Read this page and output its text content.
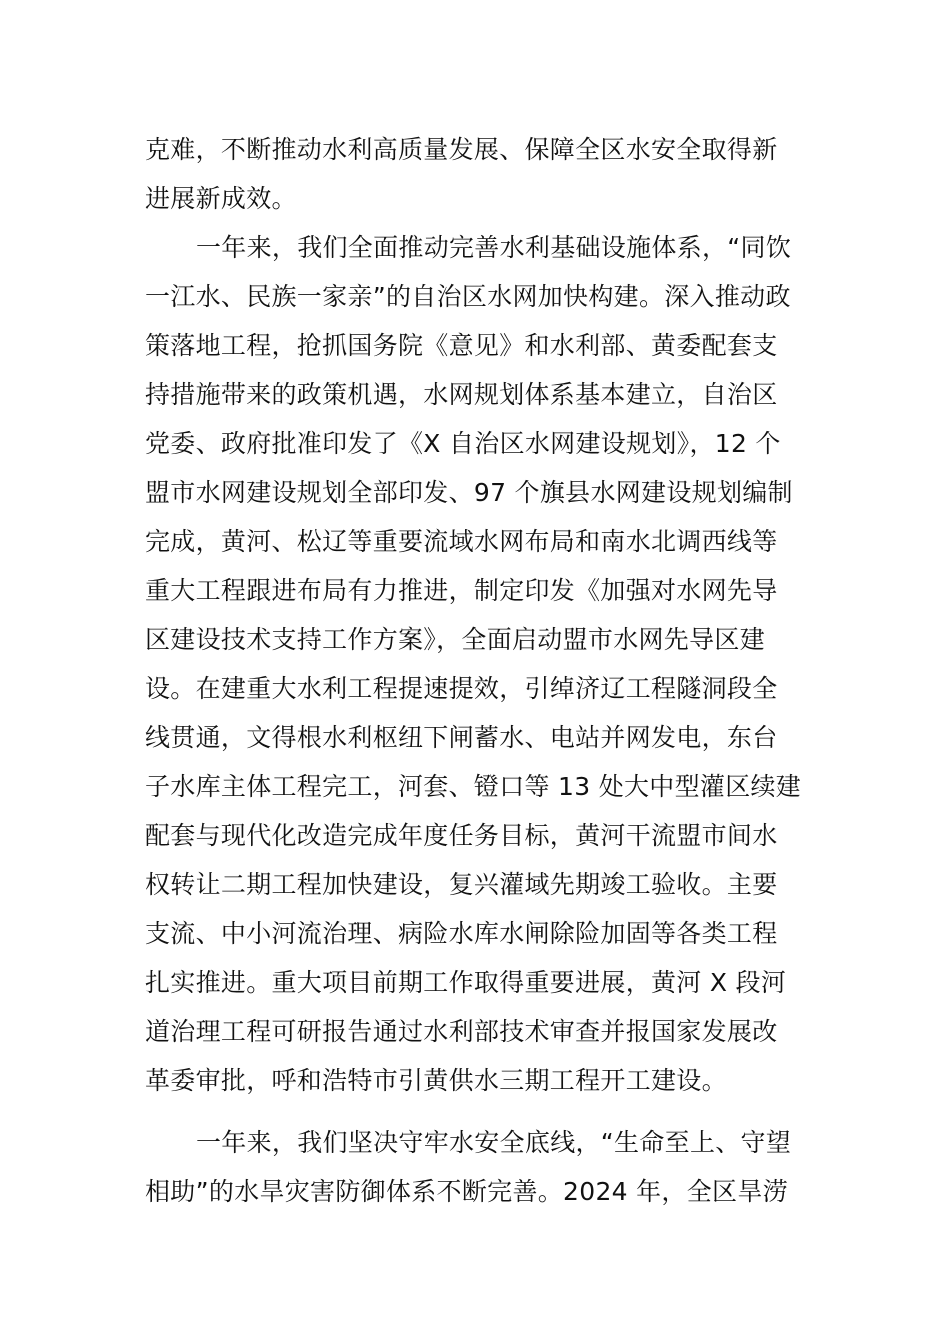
克难，不断推动水利高质量发展、保障全区水安全取得新
进展新成效。
一年来，我们全面推动完善水利基础设施体系，“同饮
一江水、民族一家亲”的自治区水网加快构建。深入推动政
策落地工程，抢抓国务院《意见》和水利部、黄委配套支
持措施带来的政策机遇，水网规划体系基本建立，自治区
党委、政府批准印发了《X 自治区水网建设规划》，12 个
盟市水网建设规划全部印发、97 个旗县水网建设规划编制
完成，黄河、松辽等重要流域水网布局和南水北调西线等
重大工程跟进布局有力推进，制定印发《加强对水网先导
区建设技术支持工作方案》，全面启动盟市水网先导区建
设。在建重大水利工程提速提效，引绰济辽工程隧洞段全
线贯通，文得根水利枢纽下闸蓄水、电站并网发电，东台
子水库主体工程完工，河套、镫口等 13 处大中型灌区续建
配套与现代化改造完成年度任务目标，黄河干流盟市间水
权转让二期工程加快建设，复兴灌域先期竣工验收。主要
支流、中小河流治理、病险水库水闸除险加固等各类工程
扎实推进。重大项目前期工作取得重要进展，黄河 X 段河
道治理工程可研报告通过水利部技术审查并报国家发展改
革委审批，呼和浩特市引黄供水三期工程开工建设。
一年来，我们坚决守牢水安全底线，“生命至上、守望
相助”的水旱灾害防御体系不断完善。2024 年，全区旱涝
